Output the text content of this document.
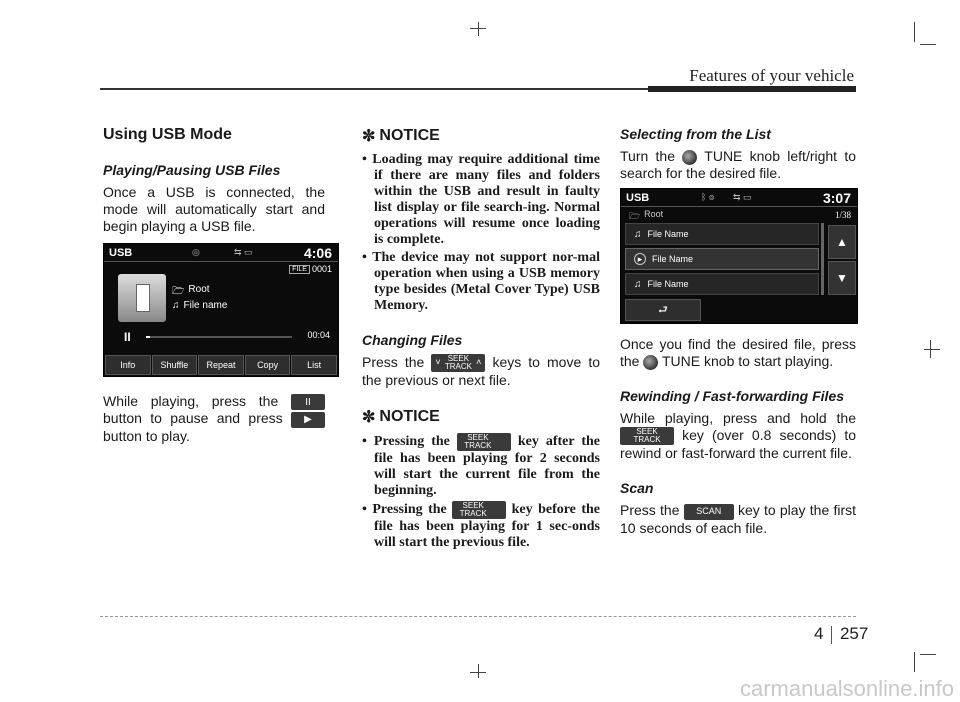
Features of your vehicle
Using USB Mode
Playing/Pausing USB Files
Once a USB is connected, the mode will automatically start and begin playing a USB file.
USB	◎	⇆ ▭	4:06
FILE 0001
🗁 Root
♫ File name
II	00:04
Info	Shuffle	Repeat	Copy	List
While playing, press the	II button to pause and press ▶ button to play.
✼ NOTICE
• Loading may require additional time if there are many files and folders within the USB and result in faulty list display or file search-ing. Normal operations will resume once loading is complete.
• The device may not support nor-mal operation when using a USB memory type besides (Metal Cover Type) USB Memory.
Changing Files
Press the ˅ SEEK
TRACK ˄ keys to move to the previous or next file.
✼ NOTICE
• Pressing the SEEK
TRACK key after the file has been playing for 2 seconds will start the current file from the beginning.
• Pressing the SEEK
TRACK key before the file has been playing for 1 sec-onds will start the previous file.
Selecting from the List
Turn the TUNE knob left/right to search for the desired file.
USB	ᛒ ◎ ⇆ ▭	3:07
🗁 Root	1/38
♫ File Name
▸	File Name
♫ File Name
▲
▼
⮐
Once you find the desired file, press the TUNE knob to start playing.
Rewinding / Fast-forwarding Files
While playing, press and hold the
SEEK
TRACK key (over 0.8 seconds) to rewind or fast-forward the current file.
Scan
Press the SCAN key to play the first 10 seconds of each file.
4 257
carmanualsonline.info
